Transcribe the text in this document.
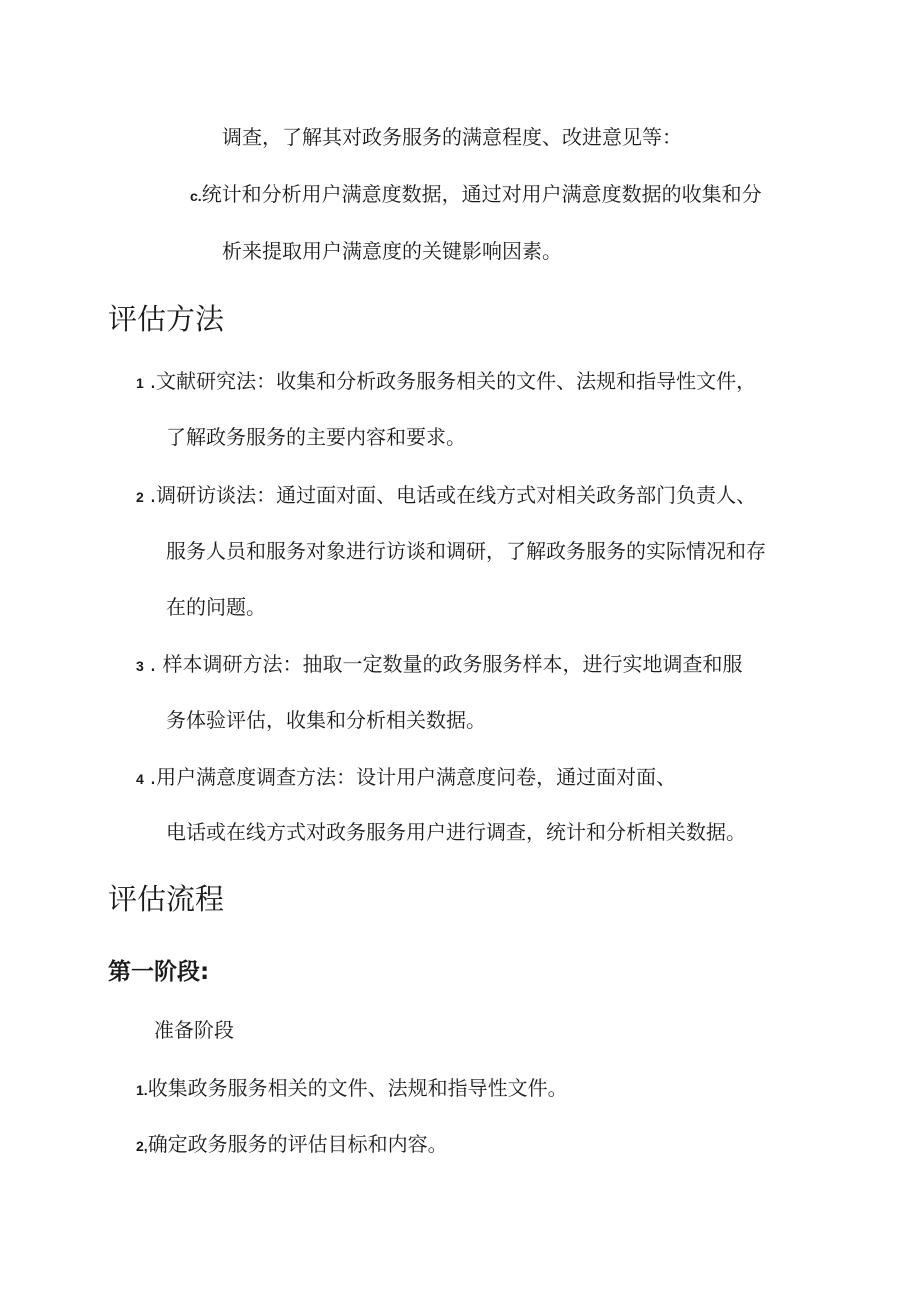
调查，了解其对政务服务的满意程度、改进意见等：
c.统计和分析用户满意度数据，通过对用户满意度数据的收集和分
析来提取用户满意度的关键影响因素。
评估方法
1 .文献研究法：收集和分析政务服务相关的文件、法规和指导性文件，
了解政务服务的主要内容和要求。
2 .调研访谈法：通过面对面、电话或在线方式对相关政务部门负责人、
服务人员和服务对象进行访谈和调研，了解政务服务的实际情况和存
在的问题。
3 . 样本调研方法：抽取一定数量的政务服务样本，进行实地调查和服
务体验评估，收集和分析相关数据。
4 .用户满意度调查方法：设计用户满意度问卷，通过面对面、
电话或在线方式对政务服务用户进行调查，统计和分析相关数据。
评估流程
第一阶段:
准备阶段
1.收集政务服务相关的文件、法规和指导性文件。
2,确定政务服务的评估目标和内容。
